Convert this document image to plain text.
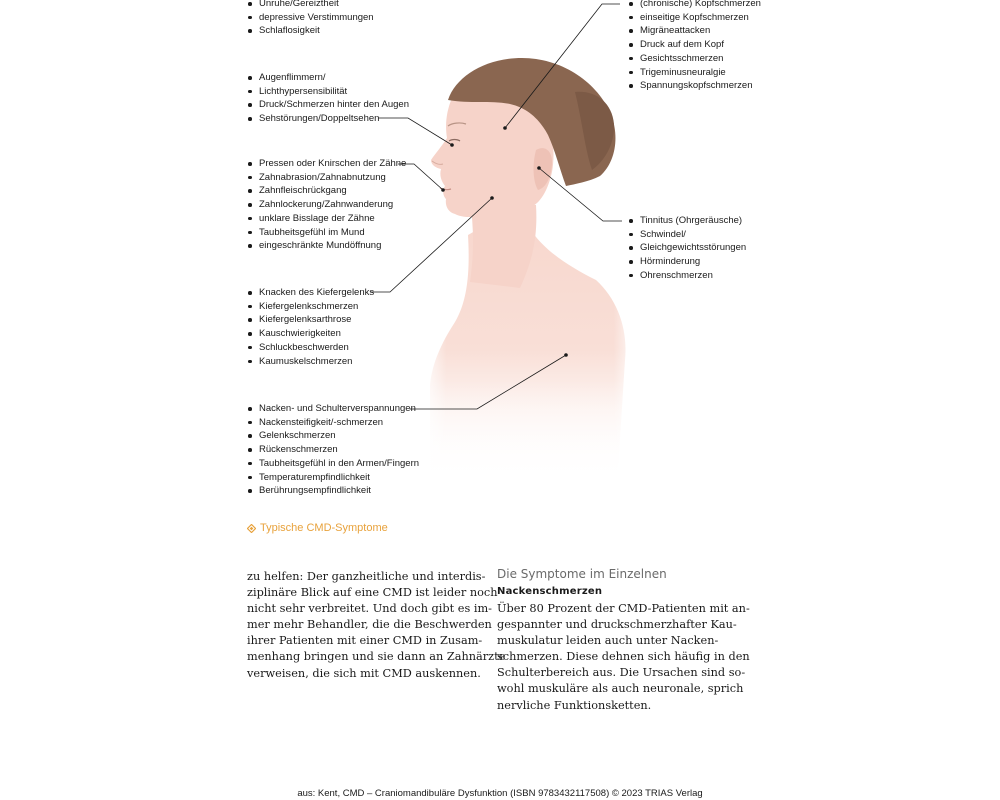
Unruhe/Gereiztheit
depressive Verstimmungen
Schlaflosigkeit
Augenflimmern/
Lichthypersensibilität
Druck/Schmerzen hinter den Augen
Sehstörungen/Doppeltsehen
Pressen oder Knirschen der Zähne
Zahnabrasion/Zahnabnutzung
Zahnfleischrückgang
Zahnlockerung/Zahnwanderung
unklare Bisslage der Zähne
Taubheitsgefühl im Mund
eingeschränkte Mundöffnung
Knacken des Kiefergelenks
Kiefergelenkschmerzen
Kiefergelenksarthrose
Kauschwierigkeiten
Schluckbeschwerden
Kaumuskelschmerzen
Nacken- und Schulterverspannungen
Nackensteifigkeit/-schmerzen
Gelenkschmerzen
Rückenschmerzen
Taubheitsgefühl in den Armen/Fingern
Temperaturempfindlichkeit
Berührungsempfindlichkeit
(chronische) Kopfschmerzen
einseitige Kopfschmerzen
Migräneattacken
Druck auf dem Kopf
Gesichtsschmerzen
Trigeminusneuralgie
Spannungskopfschmerzen
Tinnitus (Ohrgeräusche)
Schwindel/
Gleichgewichtsstörungen
Hörminderung
Ohrenschmerzen
Typische CMD-Symptome

zu helfen: Der ganzheitliche und interdis-

ziplinäre Blick auf eine CMD ist leider noch

nicht sehr verbreitet. Und doch gibt es im-

mer mehr Behandler, die die Beschwerden

ihrer Patienten mit einer CMD in Zusam-

menhang bringen und sie dann an Zahnärzte

verweisen, die sich mit CMD auskennen.

Die Symptome im Einzelnen
Nackenschmerzen

Über 80 Prozent der CMD-Patienten mit an-

gespannter und druckschmerzhafter Kau-

muskulatur leiden auch unter Nacken-

schmerzen. Diese dehnen sich häufig in den

Schulterbereich aus. Die Ursachen sind so-

wohl muskuläre als auch neuronale, sprich

nervliche Funktionsketten.

aus: Kent, CMD – Craniomandibuläre Dysfunktion (ISBN 9783432117508) © 2023 TRIAS Verlag
